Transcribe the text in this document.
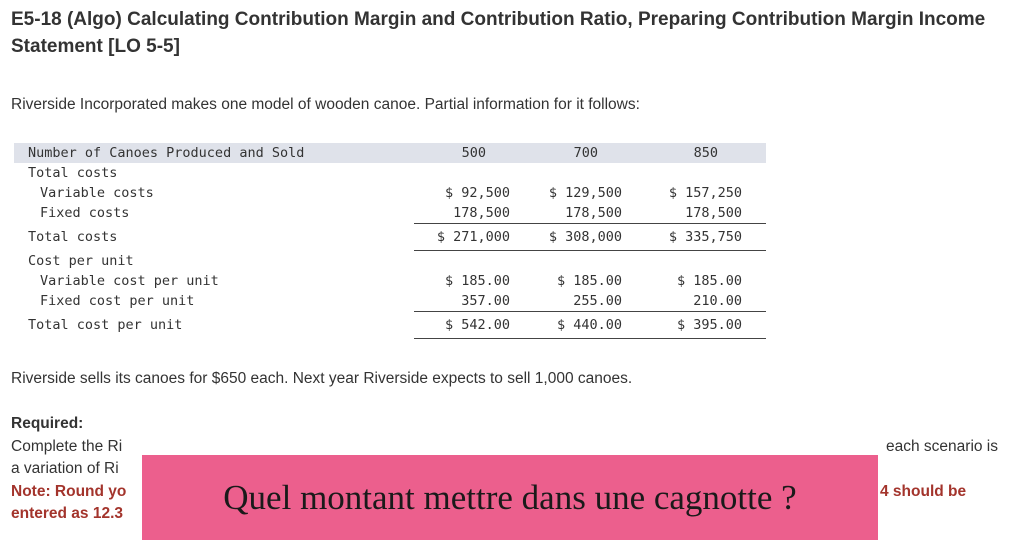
E5-18 (Algo) Calculating Contribution Margin and Contribution Ratio, Preparing Contribution Margin Income Statement [LO 5-5]
Riverside Incorporated makes one model of wooden canoe. Partial information for it follows:
Number of Canoes Produced and Sold	500	700	850
Total costs			
Variable costs	$ 92,500	$ 129,500	$ 157,250
Fixed costs	178,500	178,500	178,500
Total costs	$ 271,000	$ 308,000	$ 335,750
Cost per unit			
Variable cost per unit	$ 185.00	$ 185.00	$ 185.00
Fixed cost per unit	357.00	255.00	210.00
Total cost per unit	$ 542.00	$ 440.00	$ 395.00
Riverside sells its canoes for $650 each. Next year Riverside expects to sell 1,000 canoes.
Required:
Complete the Ri	each scenario is
a variation of Ri
Note: Round yo	4 should be
entered as 12.3	Quel montant mettre dans une cagnotte ?
